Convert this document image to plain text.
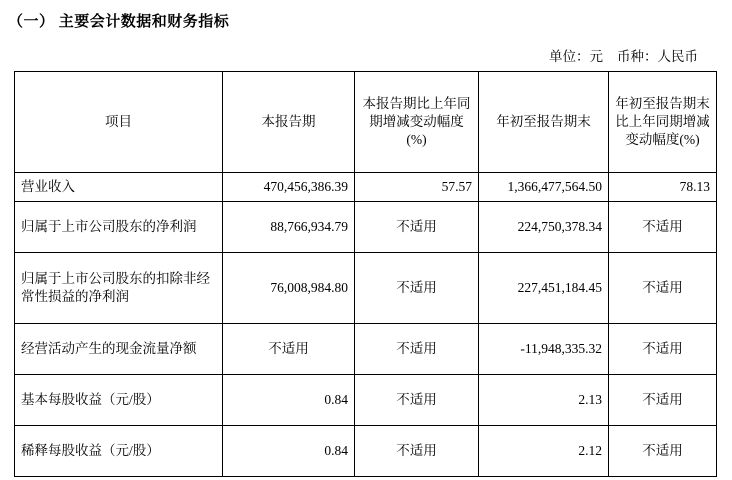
（一） 主要会计数据和财务指标
单位：元 币种：人民币
项目	本报告期	本报告期比上年同期增减变动幅度(%)	年初至报告期末	年初至报告期末比上年同期增减变动幅度(%)
营业收入	470,456,386.39	57.57	1,366,477,564.50	78.13
归属于上市公司股东的净利润	88,766,934.79	不适用	224,750,378.34	不适用
归属于上市公司股东的扣除非经常性损益的净利润	76,008,984.80	不适用	227,451,184.45	不适用
经营活动产生的现金流量净额	不适用	不适用	-11,948,335.32	不适用
基本每股收益（元/股）	0.84	不适用	2.13	不适用
稀释每股收益（元/股）	0.84	不适用	2.12	不适用
